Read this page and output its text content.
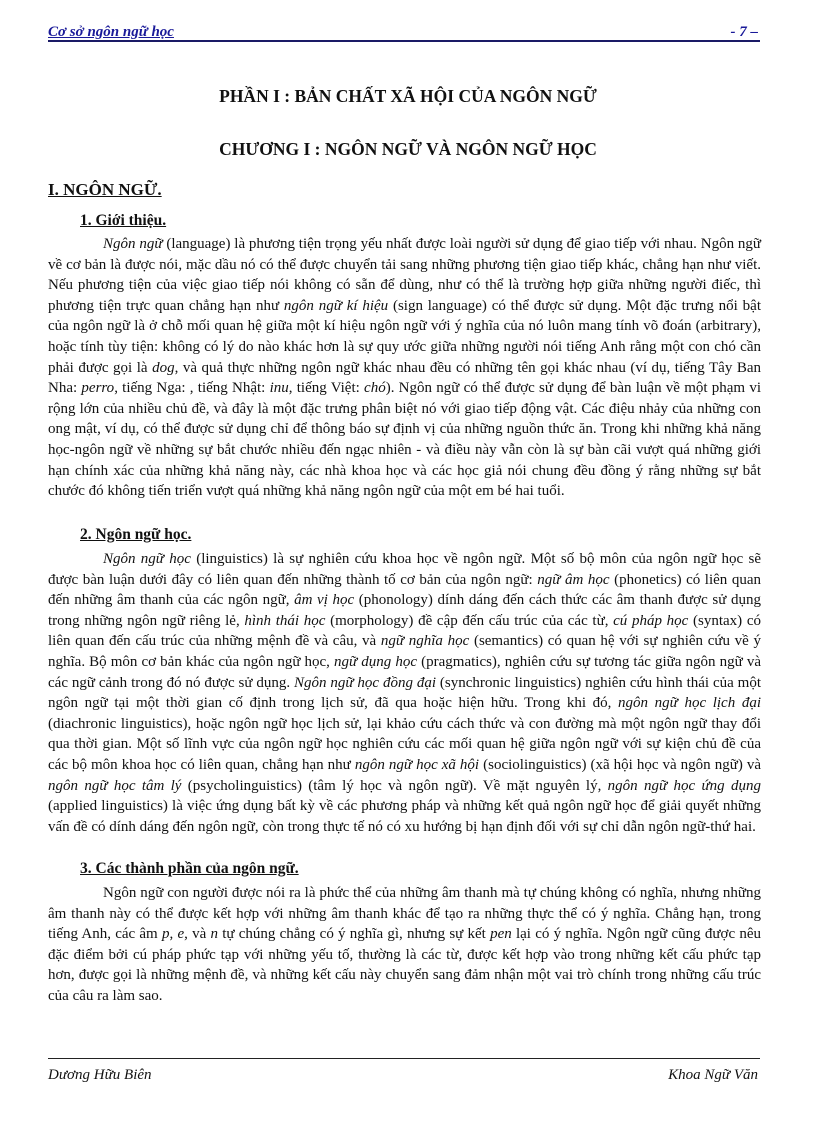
Cơ sở ngôn ngữ học	- 7 –
PHẦN I : BẢN CHẤT XÃ HỘI CỦA NGÔN NGỮ
CHƯƠNG I : NGÔN NGỮ VÀ NGÔN NGỮ HỌC
I. NGÔN NGỮ.
1. Giới thiệu.
Ngôn ngữ (language) là phương tiện trọng yếu nhất được loài người sử dụng để giao tiếp với nhau. Ngôn ngữ về cơ bản là được nói, mặc dầu nó có thể được chuyển tải sang những phương tiện giao tiếp khác, chẳng hạn như viết. Nếu phương tiện của việc giao tiếp nói không có sẵn để dùng, như có thể là trường hợp giữa những người điếc, thì phương tiện trực quan chẳng hạn như ngôn ngữ kí hiệu (sign language) có thể được sử dụng. Một đặc trưng nổi bật của ngôn ngữ là ở chỗ mối quan hệ giữa một kí hiệu ngôn ngữ với ý nghĩa của nó luôn mang tính võ đoán (arbitrary), hoặc tính tùy tiện: không có lý do nào khác hơn là sự quy ước giữa những người nói tiếng Anh rằng một con chó cần phải được gọi là dog, và quả thực những ngôn ngữ khác nhau đều có những tên gọi khác nhau (ví dụ, tiếng Tây Ban Nha: perro, tiếng Nga: , tiếng Nhật: inu, tiếng Việt: chó). Ngôn ngữ có thể được sử dụng để bàn luận về một phạm vi rộng lớn của nhiều chủ đề, và đây là một đặc trưng phân biệt nó với giao tiếp động vật. Các điệu nhảy của những con ong mật, ví dụ, có thể được sử dụng chỉ để thông báo sự định vị của những nguồn thức ăn. Trong khi những khả năng học-ngôn ngữ về những sự bắt chước nhiều đến ngạc nhiên - và điều này vẫn còn là sự bàn cãi vượt quá những giới hạn chính xác của những khả năng này, các nhà khoa học và các học giả nói chung đều đồng ý rằng những sự bắt chước đó không tiến triển vượt quá những khả năng ngôn ngữ của một em bé hai tuổi.
2. Ngôn ngữ học.
Ngôn ngữ học (linguistics) là sự nghiên cứu khoa học về ngôn ngữ. Một số bộ môn của ngôn ngữ học sẽ được bàn luận dưới đây có liên quan đến những thành tố cơ bản của ngôn ngữ: ngữ âm học (phonetics) có liên quan đến những âm thanh của các ngôn ngữ, âm vị học (phonology) dính dáng đến cách thức các âm thanh được sử dụng trong những ngôn ngữ riêng lẻ, hình thái học (morphology) đề cập đến cấu trúc của các từ, cú pháp học (syntax) có liên quan đến cấu trúc của những mệnh đề và câu, và ngữ nghĩa học (semantics) có quan hệ với sự nghiên cứu về ý nghĩa. Bộ môn cơ bản khác của ngôn ngữ học, ngữ dụng học (pragmatics), nghiên cứu sự tương tác giữa ngôn ngữ và các ngữ cảnh trong đó nó được sử dụng. Ngôn ngữ học đồng đại (synchronic linguistics) nghiên cứu hình thái của một ngôn ngữ tại một thời gian cố định trong lịch sử, đã qua hoặc hiện hữu. Trong khi đó, ngôn ngữ học lịch đại (diachronic linguistics), hoặc ngôn ngữ học lịch sử, lại khảo cứu cách thức và con đường mà một ngôn ngữ thay đổi qua thời gian. Một số lĩnh vực của ngôn ngữ học nghiên cứu các mối quan hệ giữa ngôn ngữ với sự kiện chủ đề của các bộ môn khoa học có liên quan, chẳng hạn như ngôn ngữ học xã hội (sociolinguistics) (xã hội học và ngôn ngữ) và ngôn ngữ học tâm lý (psycholinguistics) (tâm lý học và ngôn ngữ). Về mặt nguyên lý, ngôn ngữ học ứng dụng (applied linguistics) là việc ứng dụng bất kỳ về các phương pháp và những kết quả ngôn ngữ học để giải quyết những vấn đề có dính dáng đến ngôn ngữ, còn trong thực tế nó có xu hướng bị hạn định đối với sự chỉ dẫn ngôn ngữ-thứ hai.
3. Các thành phần của ngôn ngữ.
Ngôn ngữ con người được nói ra là phức thể của những âm thanh mà tự chúng không có nghĩa, nhưng những âm thanh này có thể được kết hợp với những âm thanh khác để tạo ra những thực thể có ý nghĩa. Chẳng hạn, trong tiếng Anh, các âm p, e, và n tự chúng chẳng có ý nghĩa gì, nhưng sự kết pen lại có ý nghĩa. Ngôn ngữ cũng được nêu đặc điểm bởi cú pháp phức tạp với những yếu tố, thường là các từ, được kết hợp vào trong những kết cấu phức tạp hơn, được gọi là những mệnh đề, và những kết cấu này chuyển sang đảm nhận một vai trò chính trong những cấu trúc của câu ra làm sao.
Dương Hữu Biên	Khoa Ngữ Văn
